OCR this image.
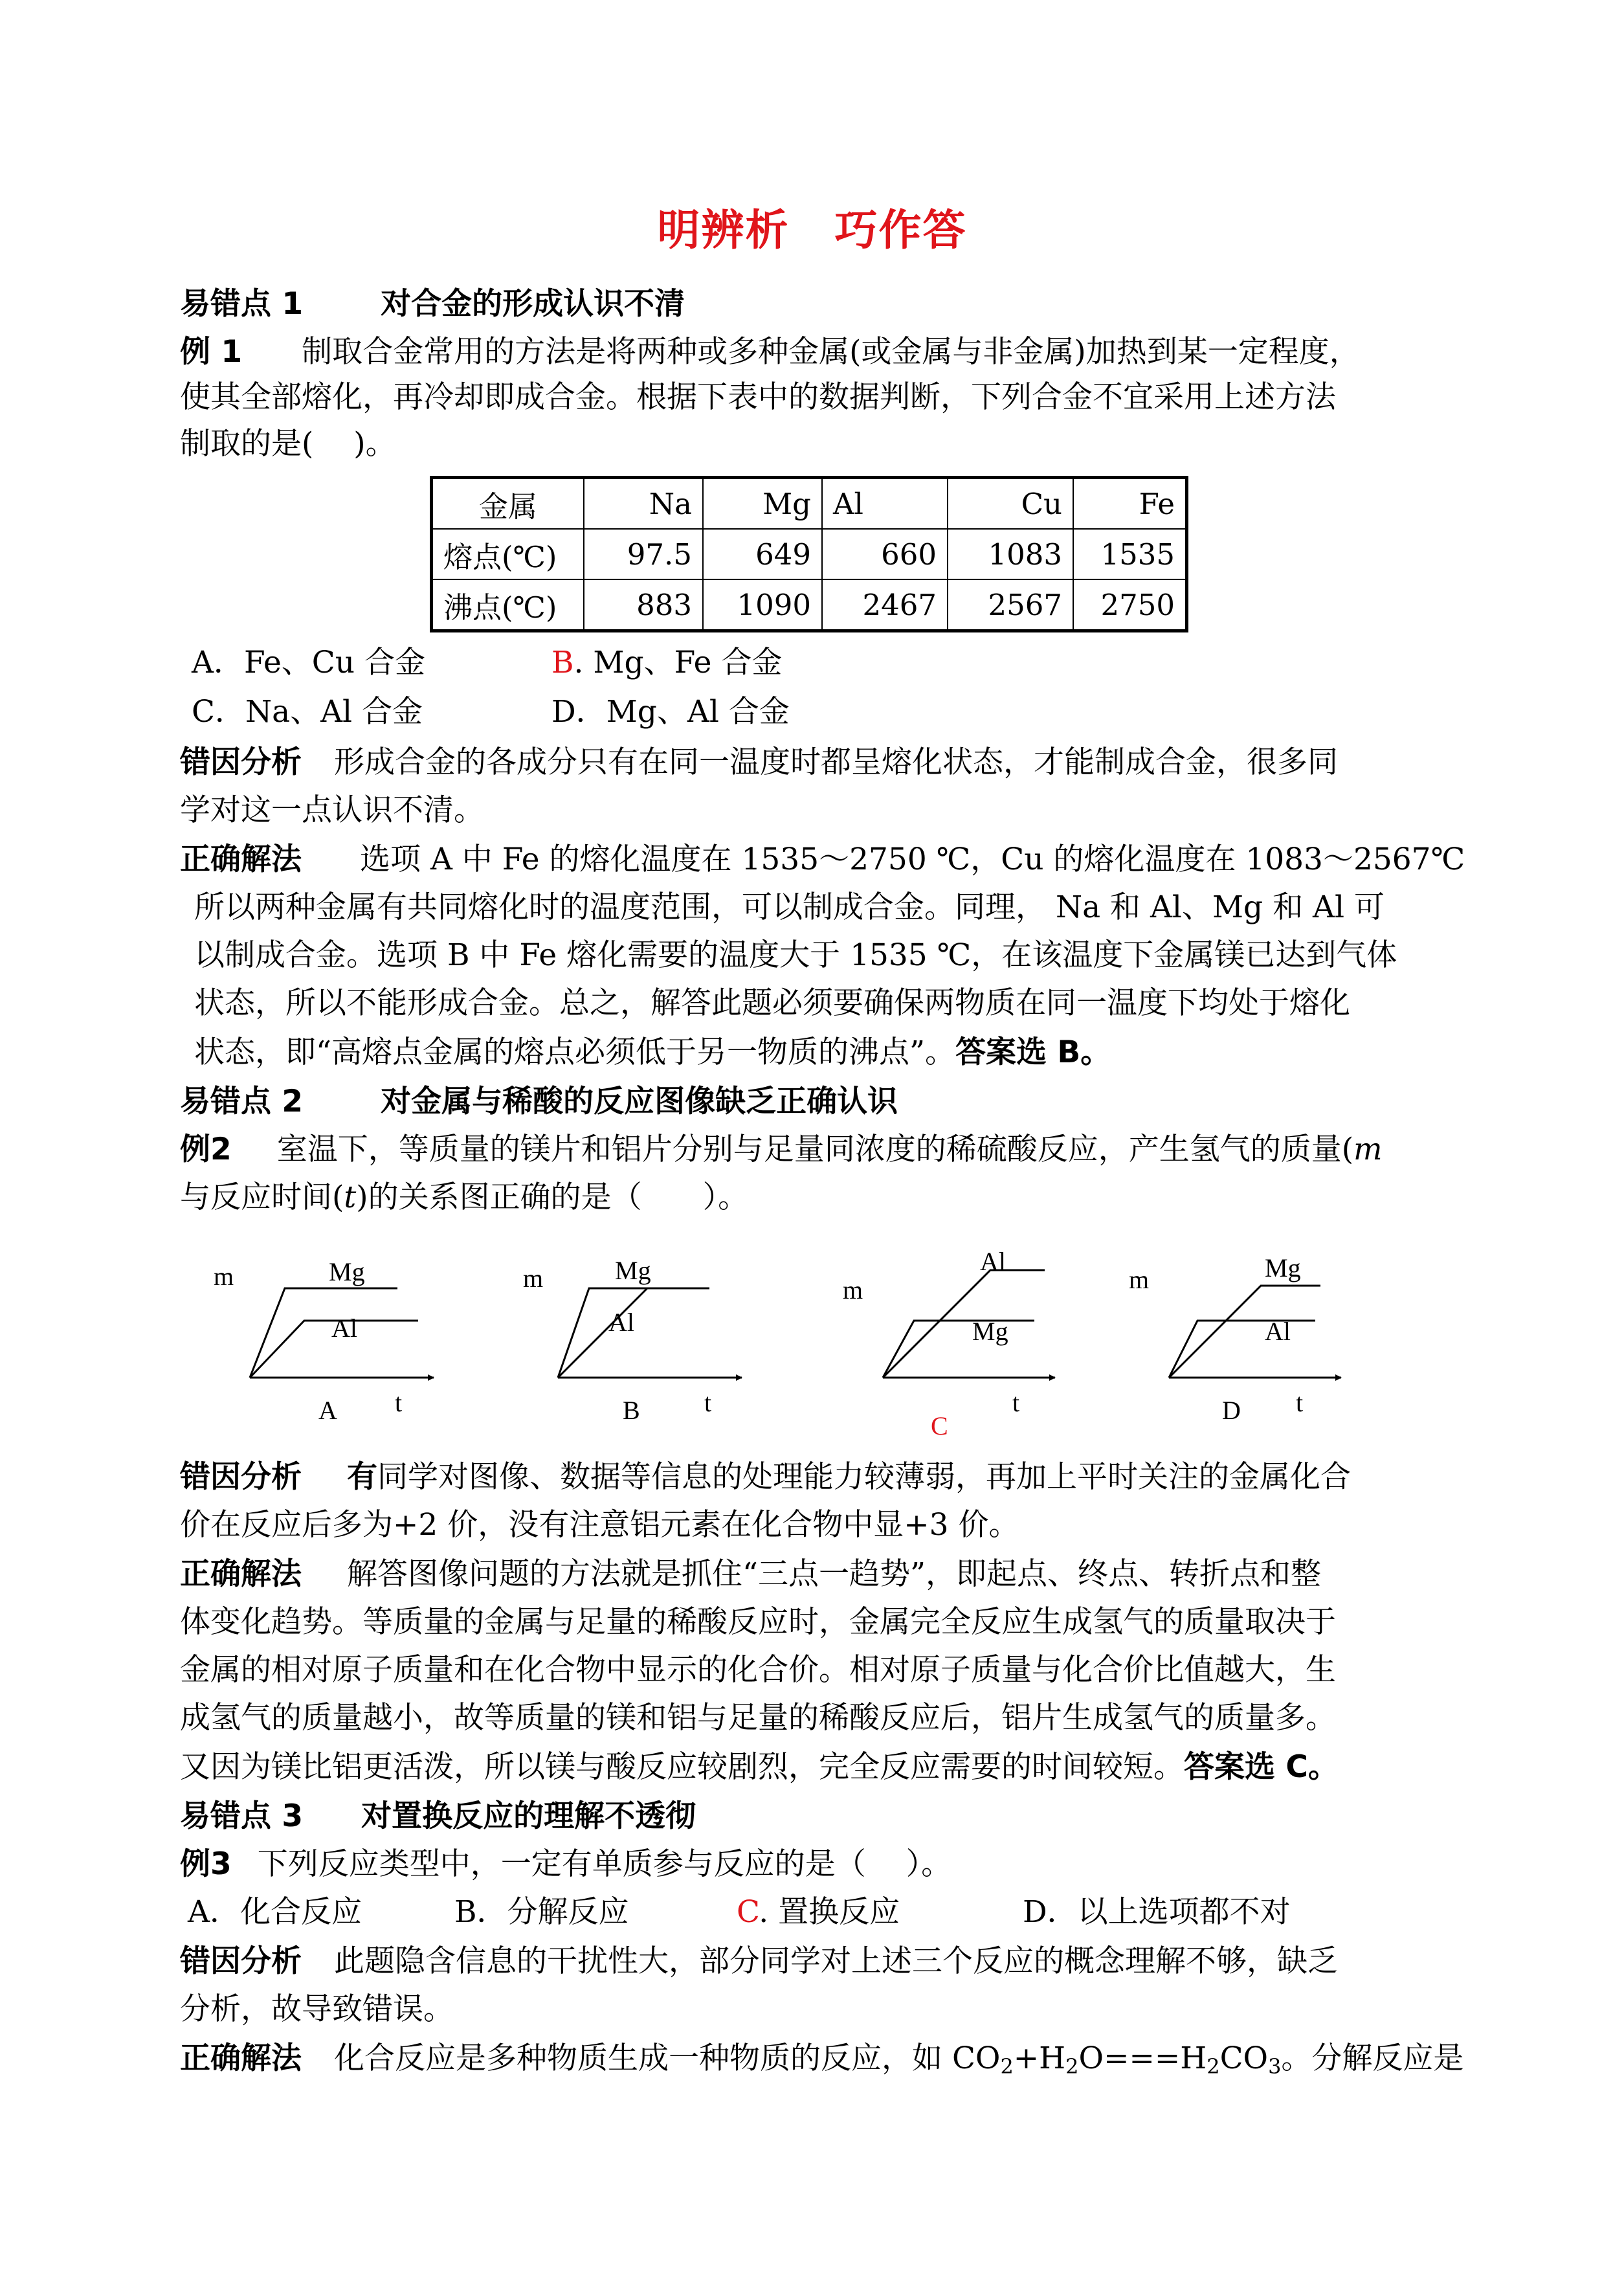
明辨析 巧作答
易错点 1	对合金的形成认识不清
例 1 制取合金常用的方法是将两种或多种金属(或金属与非金属)加热到某一定程度，
使其全部熔化，再冷却即成合金。根据下表中的数据判断，下列合金不宜采用上述方法
制取的是(　 )。
金属	Na	Mg	Al	Cu	Fe
熔点(℃)	97.5	649	660	1083	1535
沸点(℃)	883	1090	2467	2567	2750
A．Fe、Cu 合金	B. Mg、Fe 合金
C．Na、Al 合金	D．Mg、Al 合金
错因分析 形成合金的各成分只有在同一温度时都呈熔化状态，才能制成合金，很多同
学对这一点认识不清。
正确解法 选项 A 中 Fe 的熔化温度在 1535～2750 ℃，Cu 的熔化温度在 1083～2567℃
所以两种金属有共同熔化时的温度范围，可以制成合金。同理， Na 和 Al、Mg 和 Al 可
以制成合金。选项 B 中 Fe 熔化需要的温度大于 1535 ℃，在该温度下金属镁已达到气体
状态，所以不能形成合金。总之，解答此题必须要确保两物质在同一温度下均处于熔化
状态，即“高熔点金属的熔点必须低于另一物质的沸点”。答案选 B。
易错点 2	对金属与稀酸的反应图像缺乏正确认识
例2 室温下，等质量的镁片和铝片分别与足量同浓度的稀硫酸反应，产生氢气的质量(m
与反应时间(t)的关系图正确的是（　　）。
m	Mg
Al
t
A
m	Mg
Al
t
B
m
Al
Mg
t
C
m	Mg
Al
t
D
错因分析 有同学对图像、数据等信息的处理能力较薄弱，再加上平时关注的金属化合
价在反应后多为+2 价，没有注意铝元素在化合物中显+3 价。
正确解法 解答图像问题的方法就是抓住“三点一趋势”，即起点、终点、转折点和整
体变化趋势。等质量的金属与足量的稀酸反应时，金属完全反应生成氢气的质量取决于
金属的相对原子质量和在化合物中显示的化合价。相对原子质量与化合价比值越大，生
成氢气的质量越小，故等质量的镁和铝与足量的稀酸反应后，铝片生成氢气的质量多。
又因为镁比铝更活泼，所以镁与酸反应较剧烈，完全反应需要的时间较短。答案选 C。
易错点 3 对置换反应的理解不透彻
例3 下列反应类型中，一定有单质参与反应的是（　 ）。
A．化合反应	B．分解反应	C. 置换反应	D．以上选项都不对
错因分析 此题隐含信息的干扰性大，部分同学对上述三个反应的概念理解不够，缺乏
分析，故导致错误。
正确解法 化合反应是多种物质生成一种物质的反应，如 $CO_2+H_2O===H_2CO_3$。分解反应是
